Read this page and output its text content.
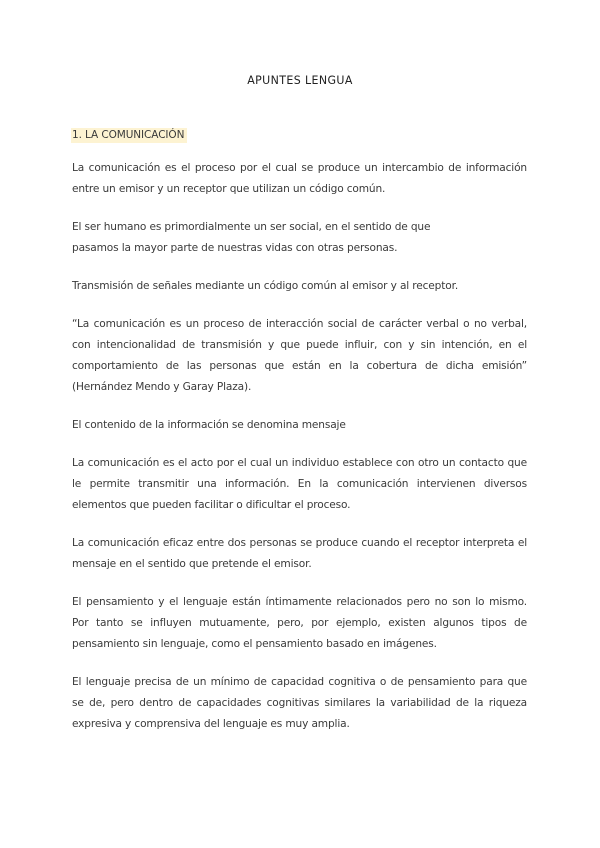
APUNTES LENGUA
1. LA COMUNICACIÓN

La comunicación es el proceso por el cual se produce un intercambio de información entre un emisor y un receptor que utilizan un código común.

El ser humano es primordialmente un ser social, en el sentido de que

pasamos la mayor parte de nuestras vidas con otras personas.

Transmisión de señales mediante un código común al emisor y al receptor.

“La comunicación es un proceso de interacción social de carácter verbal o no verbal, con intencionalidad de transmisión y que puede influir, con y sin intención, en el comportamiento de las personas que están en la cobertura de dicha emisión” (Hernández Mendo y Garay Plaza).

El contenido de la información se denomina mensaje

La comunicación es el acto por el cual un individuo establece con otro un contacto que le permite transmitir una información. En la comunicación intervienen diversos elementos que pueden facilitar o dificultar el proceso.

La comunicación eficaz entre dos personas se produce cuando el receptor interpreta el mensaje en el sentido que pretende el emisor.

El pensamiento y el lenguaje están íntimamente relacionados pero no son lo mismo. Por tanto se influyen mutuamente, pero, por ejemplo, existen algunos tipos de pensamiento sin lenguaje, como el pensamiento basado en imágenes.

El lenguaje precisa de un mínimo de capacidad cognitiva o de pensamiento para que se de, pero dentro de capacidades cognitivas similares la variabilidad de la riqueza expresiva y comprensiva del lenguaje es muy amplia.
